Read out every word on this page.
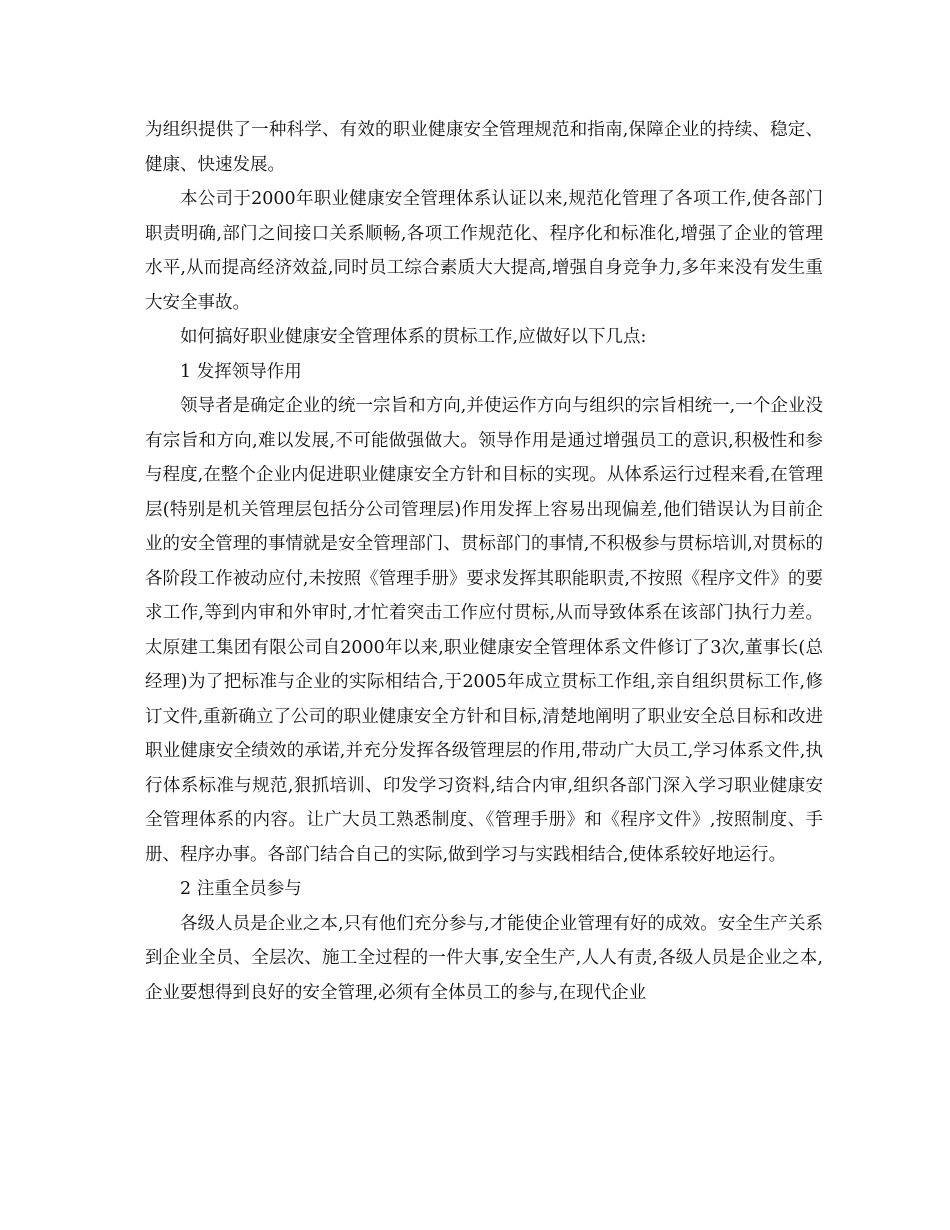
为组织提供了一种科学、有效的职业健康安全管理规范和指南,保障企业的持续、稳定、健康、快速发展。

本公司于2000年职业健康安全管理体系认证以来,规范化管理了各项工作,使各部门职责明确,部门之间接口关系顺畅,各项工作规范化、程序化和标准化,增强了企业的管理水平,从而提高经济效益,同时员工综合素质大大提高,增强自身竞争力,多年来没有发生重大安全事故。

如何搞好职业健康安全管理体系的贯标工作,应做好以下几点:

1 发挥领导作用

领导者是确定企业的统一宗旨和方向,并使运作方向与组织的宗旨相统一,一个企业没有宗旨和方向,难以发展,不可能做强做大。领导作用是通过增强员工的意识,积极性和参与程度,在整个企业内促进职业健康安全方针和目标的实现。从体系运行过程来看,在管理层(特别是机关管理层包括分公司管理层)作用发挥上容易出现偏差,他们错误认为目前企业的安全管理的事情就是安全管理部门、贯标部门的事情,不积极参与贯标培训,对贯标的各阶段工作被动应付,未按照《管理手册》要求发挥其职能职责,不按照《程序文件》的要求工作,等到内审和外审时,才忙着突击工作应付贯标,从而导致体系在该部门执行力差。太原建工集团有限公司自2000年以来,职业健康安全管理体系文件修订了3次,董事长(总经理)为了把标准与企业的实际相结合,于2005年成立贯标工作组,亲自组织贯标工作,修订文件,重新确立了公司的职业健康安全方针和目标,清楚地阐明了职业安全总目标和改进职业健康安全绩效的承诺,并充分发挥各级管理层的作用,带动广大员工,学习体系文件,执行体系标准与规范,狠抓培训、印发学习资料,结合内审,组织各部门深入学习职业健康安全管理体系的内容。让广大员工熟悉制度、《管理手册》和《程序文件》,按照制度、手册、程序办事。各部门结合自己的实际,做到学习与实践相结合,使体系较好地运行。

2 注重全员参与

各级人员是企业之本,只有他们充分参与,才能使企业管理有好的成效。安全生产关系到企业全员、全层次、施工全过程的一件大事,安全生产,人人有责,各级人员是企业之本,企业要想得到良好的安全管理,必须有全体员工的参与,在现代企业
